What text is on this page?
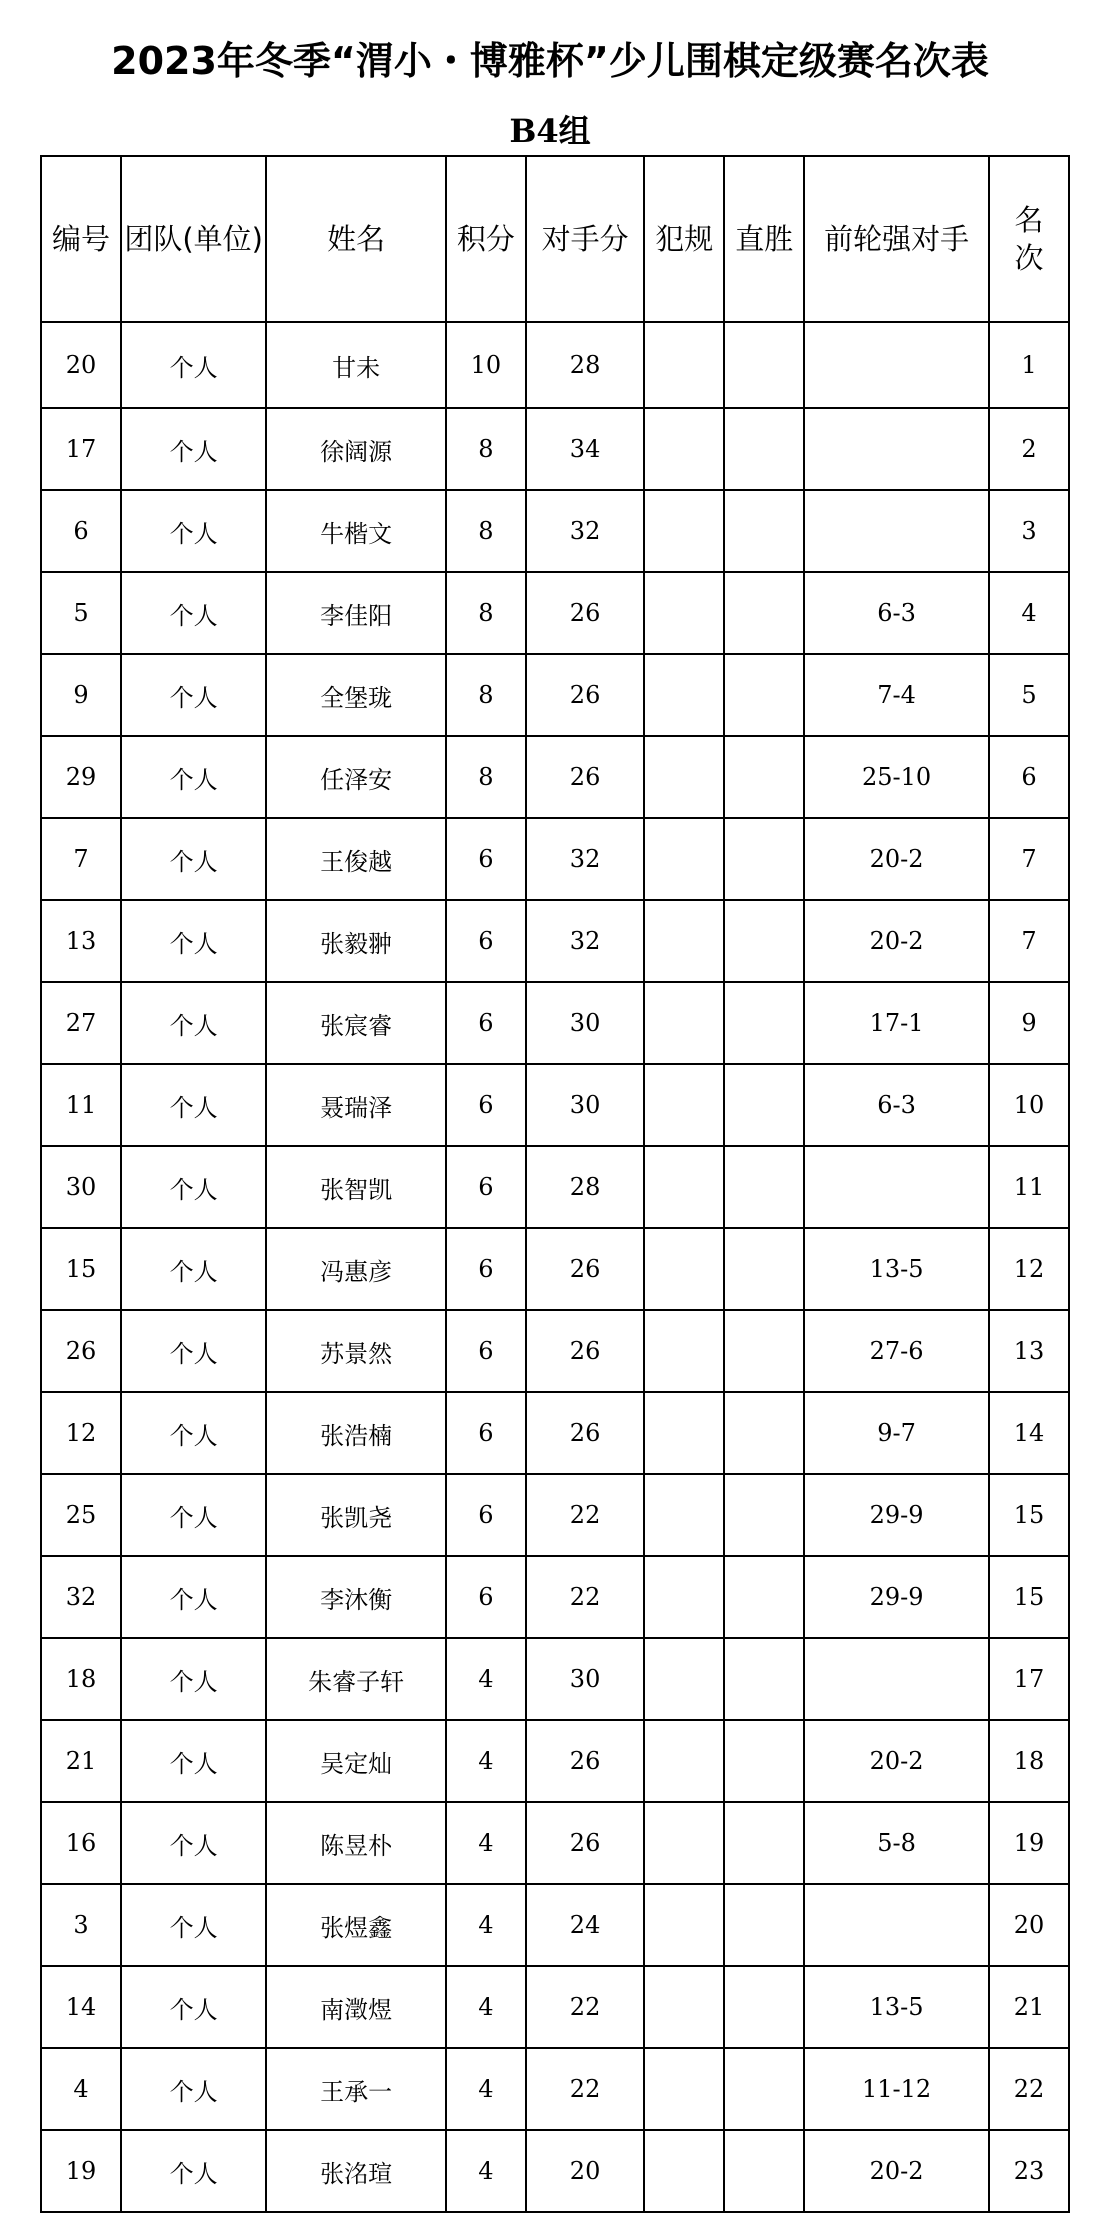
2023年冬季“渭小・博雅杯”少儿围棋定级赛名次表
B4组
编号	团队(单位)	姓名	积分	对手分	犯规	直胜	前轮强对手	名
次
20	个人	甘未	10	28				1
17	个人	徐阔源	8	34				2
6	个人	牛楷文	8	32				3
5	个人	李佳阳	8	26			6-3	4
9	个人	全堡珑	8	26			7-4	5
29	个人	任泽安	8	26			25-10	6
7	个人	王俊越	6	32			20-2	7
13	个人	张毅翀	6	32			20-2	7
27	个人	张宸睿	6	30			17-1	9
11	个人	聂瑞泽	6	30			6-3	10
30	个人	张智凯	6	28				11
15	个人	冯惠彦	6	26			13-5	12
26	个人	苏景然	6	26			27-6	13
12	个人	张浩楠	6	26			9-7	14
25	个人	张凯尧	6	22			29-9	15
32	个人	李沐衡	6	22			29-9	15
18	个人	朱睿子轩	4	30				17
21	个人	吴定灿	4	26			20-2	18
16	个人	陈昱朴	4	26			5-8	19
3	个人	张煜鑫	4	24				20
14	个人	南澂煜	4	22			13-5	21
4	个人	王承一	4	22			11-12	22
19	个人	张洺瑄	4	20			20-2	23
